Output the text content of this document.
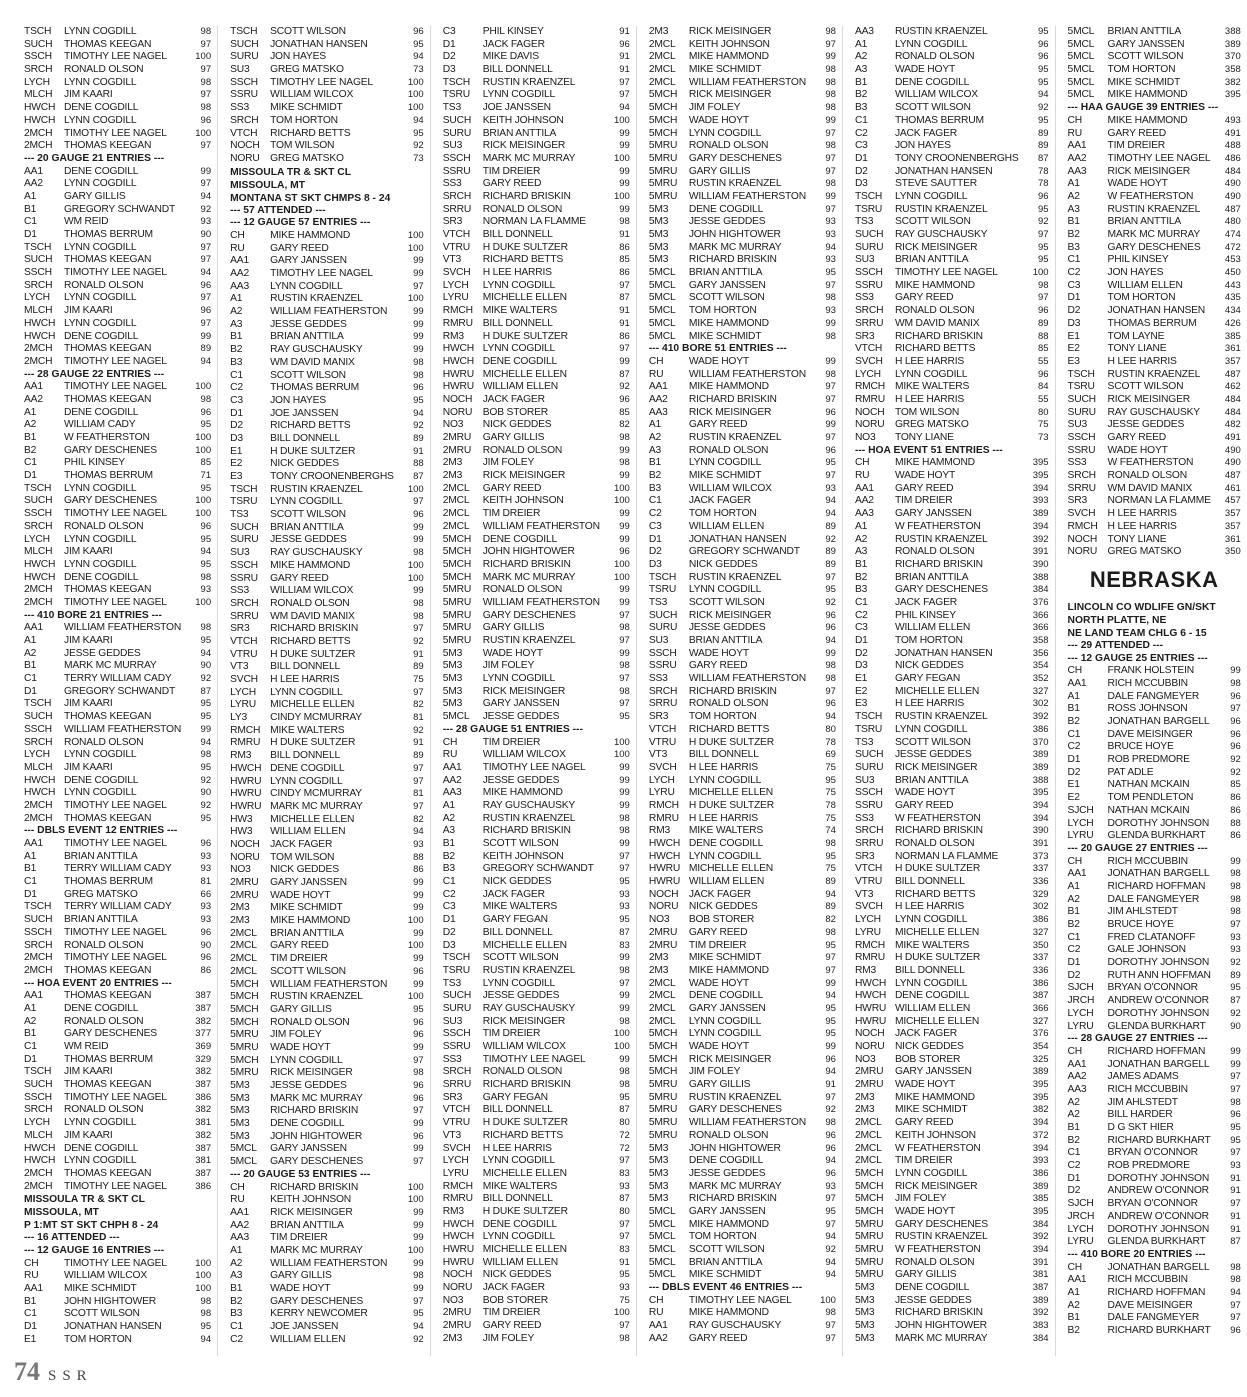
TSCH	LYNN COGDILL	98
SUCH	THOMAS KEEGAN	97
SSCH	TIMOTHY LEE NAGEL	100
SRCH	RONALD OLSON	97
LYCH	LYNN COGDILL	98
MLCH	JIM KAARI	97
HWCH DENE COGDILL	98
HWCH LYNN COGDILL	96
2MCH	TIMOTHY LEE NAGEL	100
2MCH	THOMAS KEEGAN	97
--- 20 GAUGE 21 ENTRIES ---
AA1	DENE COGDILL	99
AA2	LYNN COGDILL	97
A1	GARY GILLIS	94
B1	GREGORY SCHWANDT	92
C1	WM REID	93
D1	THOMAS BERRUM	90
TSCH	LYNN COGDILL	97
SUCH	THOMAS KEEGAN	97
SSCH	TIMOTHY LEE NAGEL	94
SRCH	RONALD OLSON	96
LYCH	LYNN COGDILL	97
MLCH	JIM KAARI	96
HWCH LYNN COGDILL	97
HWCH DENE COGDILL	99
2MCH	THOMAS KEEGAN	89
2MCH	TIMOTHY LEE NAGEL	94
--- 28 GAUGE 22 ENTRIES ---
AA1	TIMOTHY LEE NAGEL	100
AA2	THOMAS KEEGAN	98
A1	DENE COGDILL	96
A2	WILLIAM CADY	95
B1	W FEATHERSTON	100
B2	GARY DESCHENES	100
C1	PHIL KINSEY	85
D1	THOMAS BERRUM	71
TSCH	LYNN COGDILL	95
SUCH	GARY DESCHENES	100
SSCH	TIMOTHY LEE NAGEL	100
SRCH	RONALD OLSON	96
LYCH	LYNN COGDILL	95
MLCH	JIM KAARI	94
HWCH LYNN COGDILL	95
HWCH DENE COGDILL	98
2MCH	THOMAS KEEGAN	93
2MCH	TIMOTHY LEE NAGEL	100
--- 410 BORE 21 ENTRIES ---
AA1	WILLIAM FEATHERSTON	98
A1	JIM KAARI	95
A2	JESSE GEDDES	94
B1	MARK MC MURRAY	90
C1	TERRY WILLIAM CADY	92
D1	GREGORY SCHWANDT	87
TSCH	JIM KAARI	95
SUCH	THOMAS KEEGAN	95
SSCH	WILLIAM FEATHERSTON	99
SRCH	RONALD OLSON	94
LYCH	LYNN COGDILL	98
MLCH	JIM KAARI	95
HWCH DENE COGDILL	92
HWCH LYNN COGDILL	90
2MCH	TIMOTHY LEE NAGEL	92
2MCH	THOMAS KEEGAN	95
--- DBLS EVENT 12 ENTRIES ---
AA1	TIMOTHY LEE NAGEL	96
A1	BRIAN ANTTILA	93
B1	TERRY WILLIAM CADY	93
C1	THOMAS BERRUM	81
D1	GREG MATSKO	66
TSCH	TERRY WILLIAM CADY	93
SUCH	BRIAN ANTTILA	93
SSCH	TIMOTHY LEE NAGEL	96
SRCH	RONALD OLSON	90
2MCH	TIMOTHY LEE NAGEL	96
2MCH	THOMAS KEEGAN	86
--- HOA EVENT 20 ENTRIES ---
AA1	THOMAS KEEGAN	387
A1	DENE COGDILL	387
A2	RONALD OLSON	382
B1	GARY DESCHENES	377
C1	WM REID	369
D1	THOMAS BERRUM	329
TSCH	JIM KAARI	382
SUCH	THOMAS KEEGAN	387
SSCH	TIMOTHY LEE NAGEL	386
SRCH	RONALD OLSON	382
LYCH	LYNN COGDILL	381
MLCH	JIM KAARI	382
HWCH DENE COGDILL	387
HWCH LYNN COGDILL	381
2MCH	THOMAS KEEGAN	387
2MCH	TIMOTHY LEE NAGEL	386
MISSOULA TR & SKT CL
MISSOULA, MT
P 1:MT ST SKT CHPH 8 - 24
--- 16 ATTENDED ---
--- 12 GAUGE 16 ENTRIES ---
CH	TIMOTHY LEE NAGEL	100
RU	WILLIAM WILCOX	100
AA1	MIKE SCHMIDT	100
B1	JOHN HIGHTOWER	98
C1	SCOTT WILSON	98
D1	JONATHAN HANSEN	95
E1	TOM HORTON	94
TSCH	SCOTT WILSON	96
SUCH	JONATHAN HANSEN	95
SURU	JON HAYES	94
SU3	GREG MATSKO	73
SSCH	TIMOTHY LEE NAGEL	100
SSRU	WILLIAM WILCOX	100
SS3	MIKE SCHMIDT	100
SRCH	TOM HORTON	94
VTCH	RICHARD BETTS	95
NOCH	TOM WILSON	92
NORU	GREG MATSKO	73
MISSOULA TR & SKT CL
MISSOULA, MT
MONTANA ST SKT CHMPS 8 - 24
--- 57 ATTENDED ---
--- 12 GAUGE 57 ENTRIES ---
CH	MIKE HAMMOND	100
RU	GARY REED	100
AA1	GARY JANSSEN	99
AA2	TIMOTHY LEE NAGEL	99
AA3	LYNN COGDILL	97
A1	RUSTIN KRAENZEL	100
A2	WILLIAM FEATHERSTON	99
A3	JESSE GEDDES	99
B1	BRIAN ANTTILA	99
B2	RAY GUSCHAUSKY	99
B3	WM DAVID MANIX	98
C1	SCOTT WILSON	98
C2	THOMAS BERRUM	96
C3	JON HAYES	95
D1	JOE JANSSEN	94
D2	RICHARD BETTS	92
D3	BILL DONNELL	89
E1	H DUKE SULTZER	91
E2	NICK GEDDES	88
E3	TONY CROONENBERGHS	87
TSCH	RUSTIN KRAENZEL	100
TSRU	LYNN COGDILL	97
TS3	SCOTT WILSON	96
SUCH	BRIAN ANTTILA	99
SURU	JESSE GEDDES	99
SU3	RAY GUSCHAUSKY	98
SSCH	MIKE HAMMOND	100
SSRU	GARY REED	100
SS3	WILLIAM WILCOX	99
SRCH	RONALD OLSON	98
SRRU	WM DAVID MANIX	98
SR3	RICHARD BRISKIN	97
VTCH	RICHARD BETTS	92
VTRU	H DUKE SULTZER	91
VT3	BILL DONNELL	89
SVCH	H LEE HARRIS	75
LYCH	LYNN COGDILL	97
LYRU	MICHELLE ELLEN	82
LY3	CINDY MCMURRAY	81
RMCH MIKE WALTERS	92
RMRU H DUKE SULTZER	91
RM3	BILL DONNELL	89
HWCH DENE COGDILL	97
HWRU LYNN COGDILL	97
HWRU CINDY MCMURRAY	81
HWRU MARK MC MURRAY	97
HW3	MICHELLE ELLEN	82
HW3	WILLIAM ELLEN	94
NOCH	JACK FAGER	93
NORU	TOM WILSON	88
NO3	NICK GEDDES	86
2MRU	GARY JANSSEN	99
2MRU	WADE HOYT	99
2M3	MIKE SCHMIDT	99
2M3	MIKE HAMMOND	100
2MCL	BRIAN ANTTILA	99
2MCL	GARY REED	100
2MCL	TIM DREIER	99
2MCL	SCOTT WILSON	96
5MCH	WILLIAM FEATHERSTON	99
5MCH	RUSTIN KRAENZEL	100
5MCH	GARY GILLIS	95
5MCH	RONALD OLSON	96
5MRU	JIM FOLEY	96
5MRU	WADE HOYT	99
5MCH	LYNN COGDILL	97
5MRU	RICK MEISINGER	98
5M3	JESSE GEDDES	96
5M3	MARK MC MURRAY	96
5M3	RICHARD BRISKIN	97
5M3	DENE COGDILL	99
5M3	JOHN HIGHTOWER	96
5MCL	GARY JANSSEN	99
5MCL	GARY DESCHENES	97
--- 20 GAUGE 53 ENTRIES ---
CH	RICHARD BRISKIN	100
RU	KEITH JOHNSON	100
AA1	RICK MEISINGER	99
AA2	BRIAN ANTTILA	99
AA3	TIM DREIER	99
A1	MARK MC MURRAY	100
A2	WILLIAM FEATHERSTON	99
A3	GARY GILLIS	98
B1	WADE HOYT	99
B2	GARY DESCHENES	97
B3	KERRY NEWCOMER	95
C1	JOE JANSSEN	94
C2	WILLIAM ELLEN	92
C3	PHIL KINSEY	91
D1	JACK FAGER	96
D2	MIKE DAVIS	91
D3	BILL DONNELL	91
TSCH	RUSTIN KRAENZEL	97
TSRU	LYNN COGDILL	97
TS3	JOE JANSSEN	94
SUCH	KEITH JOHNSON	100
SURU	BRIAN ANTTILA	99
SU3	RICK MEISINGER	99
SSCH	MARK MC MURRAY	100
SSRU	TIM DREIER	99
SS3	GARY REED	99
SRCH	RICHARD BRISKIN	100
SRRU	RONALD OLSON	99
SR3	NORMAN LA FLAMME	98
VTCH	BILL DONNELL	91
VTRU	H DUKE SULTZER	86
VT3	RICHARD BETTS	85
SVCH	H LEE HARRIS	86
LYCH	LYNN COGDILL	97
LYRU	MICHELLE ELLEN	87
RMCH MIKE WALTERS	91
RMRU BILL DONNELL	91
RM3	H DUKE SULTZER	86
HWCH LYNN COGDILL	97
HWCH DENE COGDILL	99
HWRU MICHELLE ELLEN	87
HWRU WILLIAM ELLEN	92
NOCH	JACK FAGER	96
NORU	BOB STORER	85
NO3	NICK GEDDES	82
2MRU	GARY GILLIS	98
2MRU	RONALD OLSON	99
2M3	JIM FOLEY	98
2M3	RICK MEISINGER	99
2MCL	GARY REED	100
2MCL	KEITH JOHNSON	100
2MCL	TIM DREIER	99
2MCL	WILLIAM FEATHERSTON	99
5MCH	DENE COGDILL	99
5MCH	JOHN HIGHTOWER	96
5MCH	RICHARD BRISKIN	100
5MCH	MARK MC MURRAY	100
5MRU	RONALD OLSON	99
5MRU	WILLIAM FEATHERSTON	99
5MRU	GARY DESCHENES	97
5MRU	GARY GILLIS	98
5MRU	RUSTIN KRAENZEL	97
5M3	WADE HOYT	99
5M3	JIM FOLEY	98
5M3	LYNN COGDILL	97
5M3	RICK MEISINGER	98
5M3	GARY JANSSEN	97
5MCL	JESSE GEDDES	95
--- 28 GAUGE 51 ENTRIES ---
CH	TIM DREIER	100
RU	WILLIAM WILCOX	100
AA1	TIMOTHY LEE NAGEL	99
AA2	JESSE GEDDES	99
AA3	MIKE HAMMOND	99
A1	RAY GUSCHAUSKY	99
A2	RUSTIN KRAENZEL	98
A3	RICHARD BRISKIN	98
B1	SCOTT WILSON	99
B2	KEITH JOHNSON	97
B3	GREGORY SCHWANDT	97
C1	NICK GEDDES	95
C2	JACK FAGER	93
C3	MIKE WALTERS	93
D1	GARY FEGAN	95
D2	BILL DONNELL	87
D3	MICHELLE ELLEN	83
TSCH	SCOTT WILSON	99
TSRU	RUSTIN KRAENZEL	98
TS3	LYNN COGDILL	97
SUCH	JESSE GEDDES	99
SURU	RAY GUSCHAUSKY	99
SU3	RICK MEISINGER	98
SSCH	TIM DREIER	100
SSRU	WILLIAM WILCOX	100
SS3	TIMOTHY LEE NAGEL	99
SRCH	RONALD OLSON	98
SRRU	RICHARD BRISKIN	98
SR3	GARY FEGAN	95
VTCH	BILL DONNELL	87
VTRU	H DUKE SULTZER	80
VT3	RICHARD BETTS	72
SVCH	H LEE HARRIS	72
LYCH	LYNN COGDILL	97
LYRU	MICHELLE ELLEN	83
RMCH MIKE WALTERS	93
RMRU BILL DONNELL	87
RM3	H DUKE SULTZER	80
HWCH DENE COGDILL	97
HWCH LYNN COGDILL	97
HWRU MICHELLE ELLEN	83
HWRU WILLIAM ELLEN	91
NOCH	NICK GEDDES	95
NORU	JACK FAGER	93
NO3	BOB STORER	75
2MRU	TIM DREIER	100
2MRU	GARY REED	97
2M3	JIM FOLEY	98
2M3	RICK MEISINGER	98
2MCL	KEITH JOHNSON	97
2MCL	MIKE HAMMOND	99
2MCL	MIKE SCHMIDT	98
2MCL	WILLIAM FEATHERSTON	98
5MCH	RICK MEISINGER	98
5MCH	JIM FOLEY	98
5MCH	WADE HOYT	99
5MCH	LYNN COGDILL	97
5MRU	RONALD OLSON	98
5MRU	GARY DESCHENES	97
5MRU	GARY GILLIS	97
5MRU	RUSTIN KRAENZEL	98
5MRU	WILLIAM FEATHERSTON	99
5M3	DENE COGDILL	97
5M3	JESSE GEDDES	93
5M3	JOHN HIGHTOWER	93
5M3	MARK MC MURRAY	94
5M3	RICHARD BRISKIN	93
5MCL	BRIAN ANTTILA	95
5MCL	GARY JANSSEN	97
5MCL	SCOTT WILSON	98
5MCL	TOM HORTON	93
5MCL	MIKE HAMMOND	99
5MCL	MIKE SCHMIDT	98
--- 410 BORE 51 ENTRIES ---
CH	WADE HOYT	99
RU	WILLIAM FEATHERSTON	98
AA1	MIKE HAMMOND	97
AA2	RICHARD BRISKIN	97
AA3	RICK MEISINGER	96
A1	GARY REED	99
A2	RUSTIN KRAENZEL	97
A3	RONALD OLSON	96
B1	LYNN COGDILL	95
B2	MIKE SCHMIDT	97
B3	WILLIAM WILCOX	93
C1	JACK FAGER	94
C2	TOM HORTON	94
C3	WILLIAM ELLEN	89
D1	JONATHAN HANSEN	92
D2	GREGORY SCHWANDT	89
D3	NICK GEDDES	89
TSCH	RUSTIN KRAENZEL	97
TSRU	LYNN COGDILL	95
TS3	SCOTT WILSON	92
SUCH	RICK MEISINGER	96
SURU	JESSE GEDDES	96
SU3	BRIAN ANTTILA	94
SSCH	WADE HOYT	99
SSRU	GARY REED	98
SS3	WILLIAM FEATHERSTON	98
SRCH	RICHARD BRISKIN	97
SRRU	RONALD OLSON	96
SR3	TOM HORTON	94
VTCH	RICHARD BETTS	80
VTRU	H DUKE SULTZER	78
VT3	BILL DONNELL	69
SVCH	H LEE HARRIS	75
LYCH	LYNN COGDILL	95
LYRU	MICHELLE ELLEN	75
RMCH H DUKE SULTZER	78
RMRU H LEE HARRIS	75
RM3	MIKE WALTERS	74
HWCH DENE COGDILL	98
HWCH LYNN COGDILL	95
HWRU MICHELLE ELLEN	75
HWRU WILLIAM ELLEN	89
NOCH	JACK FAGER	94
NORU	NICK GEDDES	89
NO3	BOB STORER	82
2MRU	GARY REED	98
2MRU	TIM DREIER	95
2M3	MIKE SCHMIDT	97
2M3	MIKE HAMMOND	97
2MCL	WADE HOYT	99
2MCL	DENE COGDILL	94
2MCL	GARY JANSSEN	95
2MCL	LYNN COGDILL	95
5MCH	LYNN COGDILL	95
5MCH	WADE HOYT	99
5MCH	RICK MEISINGER	96
5MCH	JIM FOLEY	94
5MRU	GARY GILLIS	91
5MRU	RUSTIN KRAENZEL	97
5MRU	GARY DESCHENES	92
5MRU	WILLIAM FEATHERSTON	98
5MRU	RONALD OLSON	96
5M3	JOHN HIGHTOWER	96
5M3	DENE COGDILL	94
5M3	JESSE GEDDES	96
5M3	MARK MC MURRAY	93
5M3	RICHARD BRISKIN	97
5MCL	GARY JANSSEN	95
5MCL	MIKE HAMMOND	97
5MCL	TOM HORTON	94
5MCL	SCOTT WILSON	92
5MCL	BRIAN ANTTILA	94
5MCL	MIKE SCHMIDT	94
--- DBLS EVENT 46 ENTRIES ---
CH	TIMOTHY LEE NAGEL	100
RU	MIKE HAMMOND	98
AA1	RAY GUSCHAUSKY	97
AA2	GARY REED	97
AA3	RUSTIN KRAENZEL	95
A1	LYNN COGDILL	96
A2	RONALD OLSON	96
A3	WADE HOYT	95
B1	DENE COGDILL	95
B2	WILLIAM WILCOX	94
B3	SCOTT WILSON	92
C1	THOMAS BERRUM	95
C2	JACK FAGER	89
C3	JON HAYES	89
D1	TONY CROONENBERGHS	87
D2	JONATHAN HANSEN	78
D3	STEVE SAUTTER	78
TSCH	LYNN COGDILL	96
TSRU	RUSTIN KRAENZEL	95
TS3	SCOTT WILSON	92
SUCH	RAY GUSCHAUSKY	97
SURU	RICK MEISINGER	95
SU3	BRIAN ANTTILA	95
SSCH	TIMOTHY LEE NAGEL	100
SSRU	MIKE HAMMOND	98
SS3	GARY REED	97
SRCH	RONALD OLSON	96
SRRU	WM DAVID MANIX	89
SR3	RICHARD BRISKIN	88
VTCH	RICHARD BETTS	85
SVCH	H LEE HARRIS	55
LYCH	LYNN COGDILL	96
RMCH MIKE WALTERS	84
RMRU H LEE HARRIS	55
NOCH	TOM WILSON	80
NORU	GREG MATSKO	75
NO3	TONY LIANE	73
--- HOA EVENT 51 ENTRIES ---
CH	MIKE HAMMOND	395
RU	WADE HOYT	395
AA1	GARY REED	394
AA2	TIM DREIER	393
AA3	GARY JANSSEN	389
A1	W FEATHERSTON	394
A2	RUSTIN KRAENZEL	392
A3	RONALD OLSON	391
B1	RICHARD BRISKIN	390
B2	BRIAN ANTTILA	388
B3	GARY DESCHENES	384
C1	JACK FAGER	376
C2	PHIL KINSEY	366
C3	WILLIAM ELLEN	366
D1	TOM HORTON	358
D2	JONATHAN HANSEN	356
D3	NICK GEDDES	354
E1	GARY FEGAN	352
E2	MICHELLE ELLEN	327
E3	H LEE HARRIS	302
TSCH	RUSTIN KRAENZEL	392
TSRU	LYNN COGDILL	386
TS3	SCOTT WILSON	370
SUCH	JESSE GEDDES	389
SURU	RICK MEISINGER	389
SU3	BRIAN ANTTILA	388
SSCH	WADE HOYT	395
SSRU	GARY REED	394
SS3	W FEATHERSTON	394
SRCH	RICHARD BRISKIN	390
SRRU	RONALD OLSON	391
SR3	NORMAN LA FLAMME	373
VTCH	H DUKE SULTZER	337
VTRU	BILL DONNELL	336
VT3	RICHARD BETTS	329
SVCH	H LEE HARRIS	302
LYCH	LYNN COGDILL	386
LYRU	MICHELLE ELLEN	327
RMCH MIKE WALTERS	350
RMRU H DUKE SULTZER	337
RM3	BILL DONNELL	336
HWCH LYNN COGDILL	386
HWCH DENE COGDILL	387
HWRU WILLIAM ELLEN	366
HWRU MICHELLE ELLEN	327
NOCH	JACK FAGER	376
NORU	NICK GEDDES	354
NO3	BOB STORER	325
2MRU	GARY JANSSEN	389
2MRU	WADE HOYT	395
2M3	MIKE HAMMOND	395
2M3	MIKE SCHMIDT	382
2MCL	GARY REED	394
2MCL	KEITH JOHNSON	372
2MCL	W FEATHERSTON	394
2MCL	TIM DREIER	393
5MCH	LYNN COGDILL	386
5MCH	RICK MEISINGER	389
5MCH	JIM FOLEY	385
5MCH	WADE HOYT	395
5MRU	GARY DESCHENES	384
5MRU	RUSTIN KRAENZEL	392
5MRU	W FEATHERSTON	394
5MRU	RONALD OLSON	391
5MRU	GARY GILLIS	381
5M3	DENE COGDILL	387
5M3	JESSE GEDDES	389
5M3	RICHARD BRISKIN	392
5M3	JOHN HIGHTOWER	383
5M3	MARK MC MURRAY	384
5MCL	BRIAN ANTTILA	388
5MCL	GARY JANSSEN	389
5MCL	SCOTT WILSON	370
5MCL	TOM HORTON	358
5MCL	MIKE SCHMIDT	382
5MCL	MIKE HAMMOND	395
--- HAA GAUGE 39 ENTRIES ---
CH	MIKE HAMMOND	493
RU	GARY REED	491
AA1	TIM DREIER	488
AA2	TIMOTHY LEE NAGEL	486
AA3	RICK MEISINGER	484
A1	WADE HOYT	490
A2	W FEATHERSTON	490
A3	RUSTIN KRAENZEL	487
B1	BRIAN ANTTILA	480
B2	MARK MC MURRAY	474
B3	GARY DESCHENES	472
C1	PHIL KINSEY	453
C2	JON HAYES	450
C3	WILLIAM ELLEN	443
D1	TOM HORTON	435
D2	JONATHAN HANSEN	434
D3	THOMAS BERRUM	426
E1	TOM LAYNE	385
E2	TONY LIANE	361
E3	H LEE HARRIS	357
TSCH	RUSTIN KRAENZEL	487
TSRU	SCOTT WILSON	462
SUCH	RICK MEISINGER	484
SURU	RAY GUSCHAUSKY	484
SU3	JESSE GEDDES	482
SSCH	GARY REED	491
SSRU	WADE HOYT	490
SS3	W FEATHERSTON	490
SRCH	RONALD OLSON	487
SRRU	WM DAVID MANIX	461
SR3	NORMAN LA FLAMME	457
SVCH	H LEE HARRIS	357
RMCH H LEE HARRIS	357
NOCH	TONY LIANE	361
NORU	GREG MATSKO	350
NEBRASKA
LINCOLN CO WDLIFE GN/SKT
NORTH PLATTE, NE
NE LAND TEAM CHLG 6 - 15
--- 29 ATTENDED ---
--- 12 GAUGE 25 ENTRIES ---
CH	FRANK HOLSTEIN	99
AA1	RICH MCCUBBIN	98
A1	DALE FANGMEYER	96
B1	ROSS JOHNSON	97
B2	JONATHAN BARGELL	96
C1	DAVE MEISINGER	96
C2	BRUCE HOYE	96
D1	ROB PREDMORE	92
D2	PAT ADLE	92
E1	NATHAN MCKAIN	85
E2	TOM PENDLETON	86
SJCH	NATHAN MCKAIN	86
LYCH	DOROTHY JOHNSON	88
LYRU	GLENDA BURKHART	86
--- 20 GAUGE 27 ENTRIES ---
CH	RICH MCCUBBIN	99
AA1	JONATHAN BARGELL	98
A1	RICHARD HOFFMAN	98
A2	DALE FANGMEYER	98
B1	JIM AHLSTEDT	98
B2	BRUCE HOYE	97
C1	FRED CLATANOFF	93
C2	GALE JOHNSON	93
D1	DOROTHY JOHNSON	92
D2	RUTH ANN HOFFMAN	89
SJCH	BRYAN O'CONNOR	95
JRCH	ANDREW O'CONNOR	87
LYCH	DOROTHY JOHNSON	92
LYRU	GLENDA BURKHART	90
--- 28 GAUGE 27 ENTRIES ---
CH	RICHARD HOFFMAN	99
AA1	JONATHAN BARGELL	99
AA2	JAMES ADAMS	97
AA3	RICH MCCUBBIN	97
A2	JIM AHLSTEDT	98
A2	BILL HARDER	96
B1	D G SKT HIER	95
B2	RICHARD BURKHART	95
C1	BRYAN O'CONNOR	97
C2	ROB PREDMORE	93
D1	DOROTHY JOHNSON	91
D2	ANDREW O'CONNOR	91
SJCH	BRYAN O'CONNOR	97
JRCH	ANDREW O'CONNOR	91
LYCH	DOROTHY JOHNSON	91
LYRU	GLENDA BURKHART	87
--- 410 BORE 20 ENTRIES ---
CH	JONATHAN BARGELL	98
AA1	RICH MCCUBBIN	98
A1	RICHARD HOFFMAN	94
A2	DAVE MEISINGER	97
B1	DALE FANGMEYER	97
B2	RICHARD BURKHART	96
74 SSR
